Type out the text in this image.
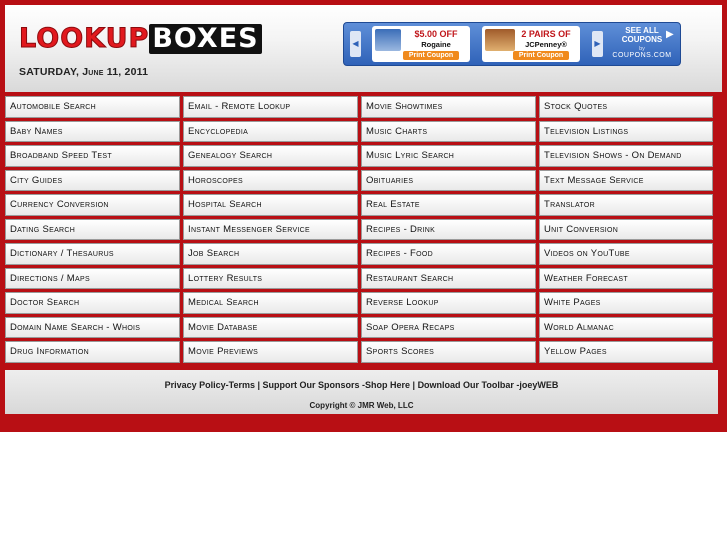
LOOKUP BOXES
SATURDAY, June 11, 2011
◀
$5.00 OFF
Rogaine
Print Coupon
2 PAIRS OF
JCPenney®
Print Coupon
▶
SEE ALL
COUPONS
by
COUPONS.COM
▶
Automobile Search	Email - Remote Lookup	Movie Showtimes	Stock Quotes
Baby Names	Encyclopedia	Music Charts	Television Listings
Broadband Speed Test	Genealogy Search	Music Lyric Search	Television Shows - On Demand
City Guides	Horoscopes	Obituaries	Text Message Service
Currency Conversion	Hospital Search	Real Estate	Translator
Dating Search	Instant Messenger Service	Recipes - Drink	Unit Conversion
Dictionary / Thesaurus	Job Search	Recipes - Food	Videos on YouTube
Directions / Maps	Lottery Results	Restaurant Search	Weather Forecast
Doctor Search	Medical Search	Reverse Lookup	White Pages
Domain Name Search - Whois	Movie Database	Soap Opera Recaps	World Almanac
Drug Information	Movie Previews	Sports Scores	Yellow Pages
Privacy Policy-Terms | Support Our Sponsors -Shop Here | Download Our Toolbar -joeyWEB
Copyright © JMR Web, LLC
